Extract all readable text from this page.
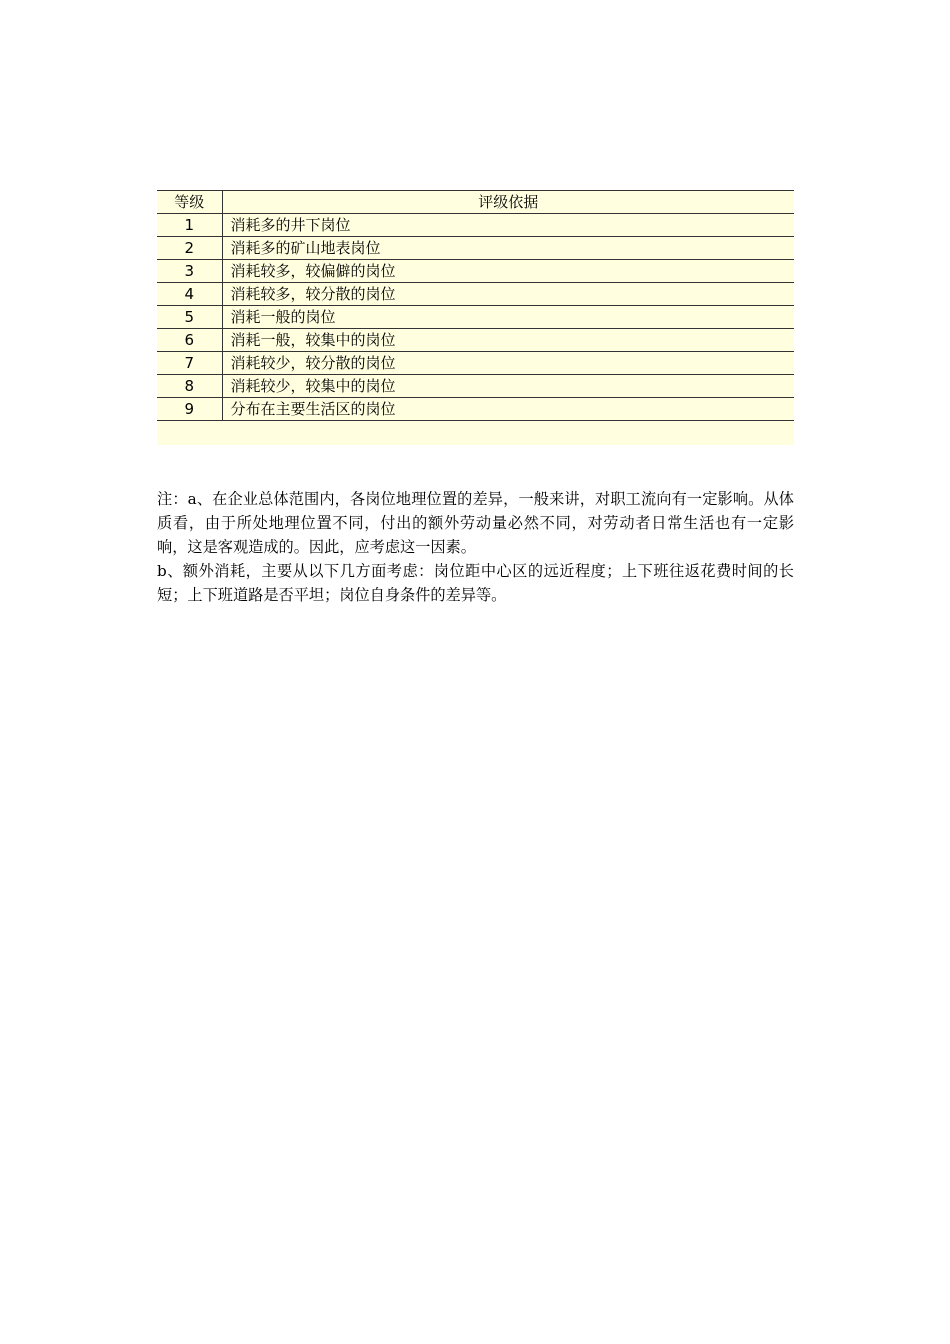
等级	评级依据
1	消耗多的井下岗位
2	消耗多的矿山地表岗位
3	消耗较多，较偏僻的岗位
4	消耗较多，较分散的岗位
5	消耗一般的岗位
6	消耗一般，较集中的岗位
7	消耗较少，较分散的岗位
8	消耗较少，较集中的岗位
9	分布在主要生活区的岗位

注：a、在企业总体范围内，各岗位地理位置的差异，一般来讲，对职工流向有一定影响。从体质看，由于所处地理位置不同，付出的额外劳动量必然不同，对劳动者日常生活也有一定影响，这是客观造成的。因此，应考虑这一因素。

b、额外消耗，主要从以下几方面考虑：岗位距中心区的远近程度；上下班往返花费时间的长短；上下班道路是否平坦；岗位自身条件的差异等。
